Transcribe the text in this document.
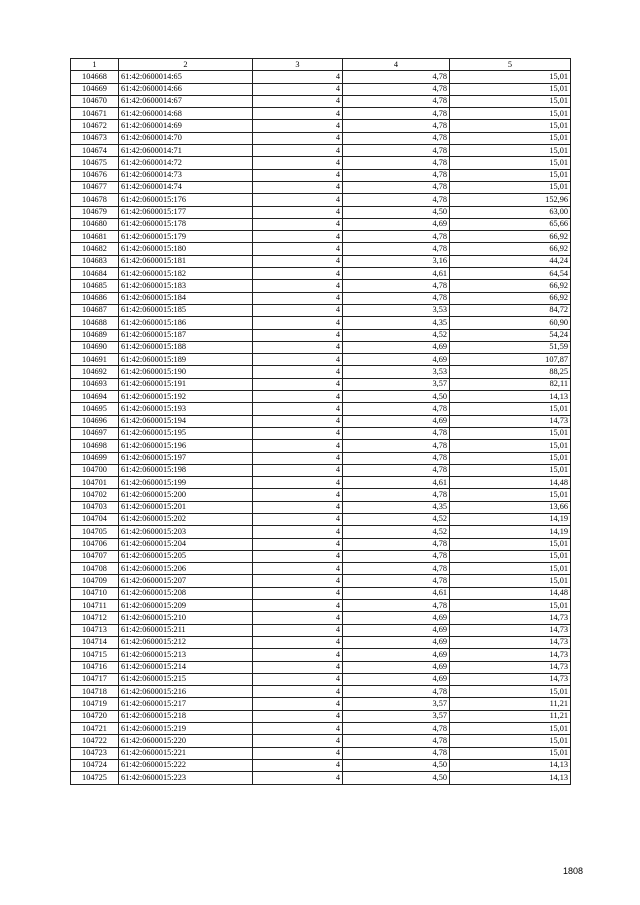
1	2	3	4	5
104668	61:42:0600014:65	4	4,78	15,01
104669	61:42:0600014:66	4	4,78	15,01
104670	61:42:0600014:67	4	4,78	15,01
104671	61:42:0600014:68	4	4,78	15,01
104672	61:42:0600014:69	4	4,78	15,01
104673	61:42:0600014:70	4	4,78	15,01
104674	61:42:0600014:71	4	4,78	15,01
104675	61:42:0600014:72	4	4,78	15,01
104676	61:42:0600014:73	4	4,78	15,01
104677	61:42:0600014:74	4	4,78	15,01
104678	61:42:0600015:176	4	4,78	152,96
104679	61:42:0600015:177	4	4,50	63,00
104680	61:42:0600015:178	4	4,69	65,66
104681	61:42:0600015:179	4	4,78	66,92
104682	61:42:0600015:180	4	4,78	66,92
104683	61:42:0600015:181	4	3,16	44,24
104684	61:42:0600015:182	4	4,61	64,54
104685	61:42:0600015:183	4	4,78	66,92
104686	61:42:0600015:184	4	4,78	66,92
104687	61:42:0600015:185	4	3,53	84,72
104688	61:42:0600015:186	4	4,35	60,90
104689	61:42:0600015:187	4	4,52	54,24
104690	61:42:0600015:188	4	4,69	51,59
104691	61:42:0600015:189	4	4,69	107,87
104692	61:42:0600015:190	4	3,53	88,25
104693	61:42:0600015:191	4	3,57	82,11
104694	61:42:0600015:192	4	4,50	14,13
104695	61:42:0600015:193	4	4,78	15,01
104696	61:42:0600015:194	4	4,69	14,73
104697	61:42:0600015:195	4	4,78	15,01
104698	61:42:0600015:196	4	4,78	15,01
104699	61:42:0600015:197	4	4,78	15,01
104700	61:42:0600015:198	4	4,78	15,01
104701	61:42:0600015:199	4	4,61	14,48
104702	61:42:0600015:200	4	4,78	15,01
104703	61:42:0600015:201	4	4,35	13,66
104704	61:42:0600015:202	4	4,52	14,19
104705	61:42:0600015:203	4	4,52	14,19
104706	61:42:0600015:204	4	4,78	15,01
104707	61:42:0600015:205	4	4,78	15,01
104708	61:42:0600015:206	4	4,78	15,01
104709	61:42:0600015:207	4	4,78	15,01
104710	61:42:0600015:208	4	4,61	14,48
104711	61:42:0600015:209	4	4,78	15,01
104712	61:42:0600015:210	4	4,69	14,73
104713	61:42:0600015:211	4	4,69	14,73
104714	61:42:0600015:212	4	4,69	14,73
104715	61:42:0600015:213	4	4,69	14,73
104716	61:42:0600015:214	4	4,69	14,73
104717	61:42:0600015:215	4	4,69	14,73
104718	61:42:0600015:216	4	4,78	15,01
104719	61:42:0600015:217	4	3,57	11,21
104720	61:42:0600015:218	4	3,57	11,21
104721	61:42:0600015:219	4	4,78	15,01
104722	61:42:0600015:220	4	4,78	15,01
104723	61:42:0600015:221	4	4,78	15,01
104724	61:42:0600015:222	4	4,50	14,13
104725	61:42:0600015:223	4	4,50	14,13
1808
